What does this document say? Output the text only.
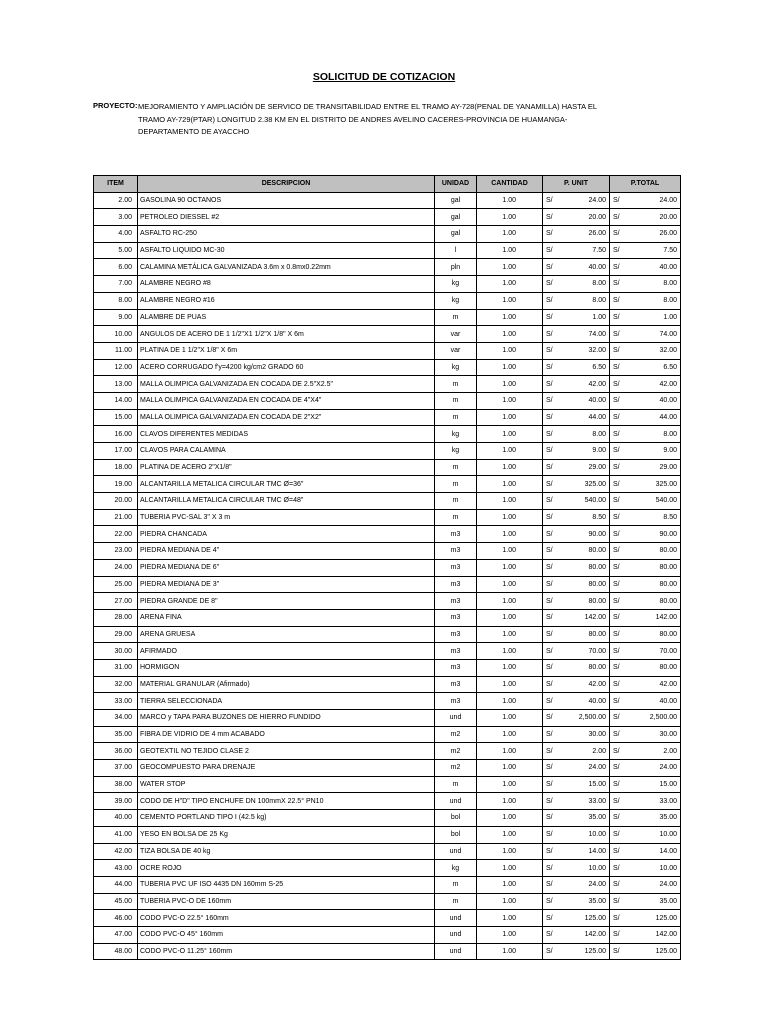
SOLICITUD DE COTIZACION
PROYECTO: MEJORAMIENTO Y AMPLIACIÓN DE SERVICO DE TRANSITABILIDAD ENTRE EL TRAMO AY-728(PENAL DE YANAMILLA) HASTA EL
TRAMO AY-729(PTAR) LONGITUD 2.38 KM EN EL DISTRITO DE ANDRES AVELINO CACERES-PROVINCIA DE HUAMANGA-
DEPARTAMENTO DE AYACCHO
ITEM	DESCRIPCION	UNIDAD	CANTIDAD	P. UNIT		P.TOTAL	
2.00	GASOLINA 90 OCTANOS	gal	1.00	S/	24.00	S/	24.00
3.00	PETROLEO DIESSEL #2	gal	1.00	S/	20.00	S/	20.00
4.00	ASFALTO RC-250	gal	1.00	S/	26.00	S/	26.00
5.00	ASFALTO LIQUIDO MC-30	l	1.00	S/	7.50	S/	7.50
6.00	CALAMINA METÁLICA GALVANIZADA 3.6m x 0.8mx0.22mm	pln	1.00	S/	40.00	S/	40.00
7.00	ALAMBRE NEGRO #8	kg	1.00	S/	8.00	S/	8.00
8.00	ALAMBRE NEGRO #16	kg	1.00	S/	8.00	S/	8.00
9.00	ALAMBRE DE PUAS	m	1.00	S/	1.00	S/	1.00
10.00	ANGULOS DE ACERO DE 1 1/2"X1 1/2"X 1/8" X 6m	var	1.00	S/	74.00	S/	74.00
11.00	PLATINA DE 1 1/2"X 1/8" X 6m	var	1.00	S/	32.00	S/	32.00
12.00	ACERO CORRUGADO f'y=4200 kg/cm2 GRADO 60	kg	1.00	S/	6.50	S/	6.50
13.00	MALLA OLIMPICA GALVANIZADA EN COCADA DE 2.5"X2.5"	m	1.00	S/	42.00	S/	42.00
14.00	MALLA OLIMPICA GALVANIZADA EN COCADA DE 4"X4"	m	1.00	S/	40.00	S/	40.00
15.00	MALLA OLIMPICA GALVANIZADA EN COCADA DE 2"X2"	m	1.00	S/	44.00	S/	44.00
16.00	CLAVOS DIFERENTES MEDIDAS	kg	1.00	S/	8.00	S/	8.00
17.00	CLAVOS PARA CALAMINA	kg	1.00	S/	9.00	S/	9.00
18.00	PLATINA DE ACERO 2"X1/8"	m	1.00	S/	29.00	S/	29.00
19.00	ALCANTARILLA METALICA CIRCULAR TMC Ø=36"	m	1.00	S/	325.00	S/	325.00
20.00	ALCANTARILLA METALICA CIRCULAR TMC Ø=48"	m	1.00	S/	540.00	S/	540.00
21.00	TUBERIA PVC-SAL 3" X 3 m	m	1.00	S/	8.50	S/	8.50
22.00	PIEDRA CHANCADA	m3	1.00	S/	90.00	S/	90.00
23.00	PIEDRA MEDIANA DE 4"	m3	1.00	S/	80.00	S/	80.00
24.00	PIEDRA MEDIANA DE 6"	m3	1.00	S/	80.00	S/	80.00
25.00	PIEDRA MEDIANA DE 3"	m3	1.00	S/	80.00	S/	80.00
27.00	PIEDRA GRANDE DE 8"	m3	1.00	S/	80.00	S/	80.00
28.00	ARENA FINA	m3	1.00	S/	142.00	S/	142.00
29.00	ARENA GRUESA	m3	1.00	S/	80.00	S/	80.00
30.00	AFIRMADO	m3	1.00	S/	70.00	S/	70.00
31.00	HORMIGON	m3	1.00	S/	80.00	S/	80.00
32.00	MATERIAL GRANULAR (Afirmado)	m3	1.00	S/	42.00	S/	42.00
33.00	TIERRA SELECCIONADA	m3	1.00	S/	40.00	S/	40.00
34.00	MARCO y TAPA PARA BUZONES DE HIERRO FUNDIDO	und	1.00	S/	2,500.00	S/	2,500.00
35.00	FIBRA DE VIDRIO DE 4 mm ACABADO	m2	1.00	S/	30.00	S/	30.00
36.00	GEOTEXTIL NO TEJIDO CLASE 2	m2	1.00	S/	2.00	S/	2.00
37.00	GEOCOMPUESTO PARA DRENAJE	m2	1.00	S/	24.00	S/	24.00
38.00	WATER STOP	m	1.00	S/	15.00	S/	15.00
39.00	CODO DE H"D" TIPO ENCHUFE DN 100mmX 22.5° PN10	und	1.00	S/	33.00	S/	33.00
40.00	CEMENTO PORTLAND TIPO I (42.5 kg)	bol	1.00	S/	35.00	S/	35.00
41.00	YESO EN BOLSA DE 25 Kg	bol	1.00	S/	10.00	S/	10.00
42.00	TIZA BOLSA DE 40 kg	und	1.00	S/	14.00	S/	14.00
43.00	OCRE ROJO	kg	1.00	S/	10.00	S/	10.00
44.00	TUBERIA PVC UF ISO 4435 DN 160mm S-25	m	1.00	S/	24.00	S/	24.00
45.00	TUBERIA PVC-O DE 160mm	m	1.00	S/	35.00	S/	35.00
46.00	CODO PVC-O 22.5° 160mm	und	1.00	S/	125.00	S/	125.00
47.00	CODO PVC-O 45° 160mm	und	1.00	S/	142.00	S/	142.00
48.00	CODO PVC-O 11.25° 160mm	und	1.00	S/	125.00	S/	125.00
